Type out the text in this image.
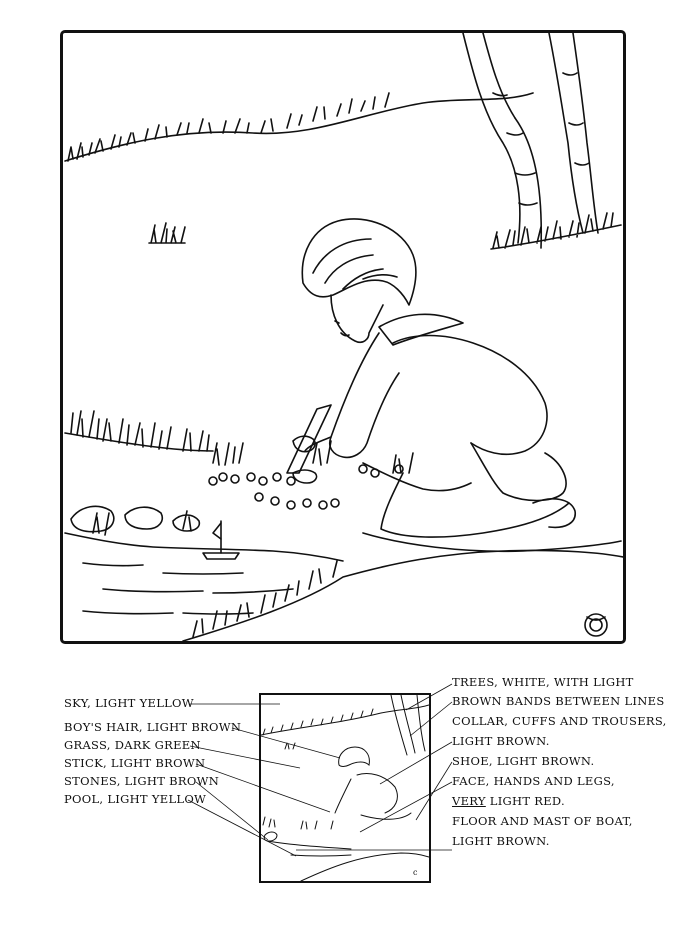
SKY, LIGHT YELLOW
BOY'S HAIR, LIGHT BROWN
GRASS, DARK GREEN
STICK, LIGHT BROWN
STONES, LIGHT BROWN
POOL, LIGHT YELLOW
c
TREES, WHITE, WITH LIGHT
BROWN BANDS BETWEEN LINES
COLLAR, CUFFS AND TROUSERS,
LIGHT BROWN.
SHOE, LIGHT BROWN.
FACE, HANDS AND LEGS,
VERY LIGHT RED.
FLOOR AND MAST OF BOAT,
LIGHT BROWN.
